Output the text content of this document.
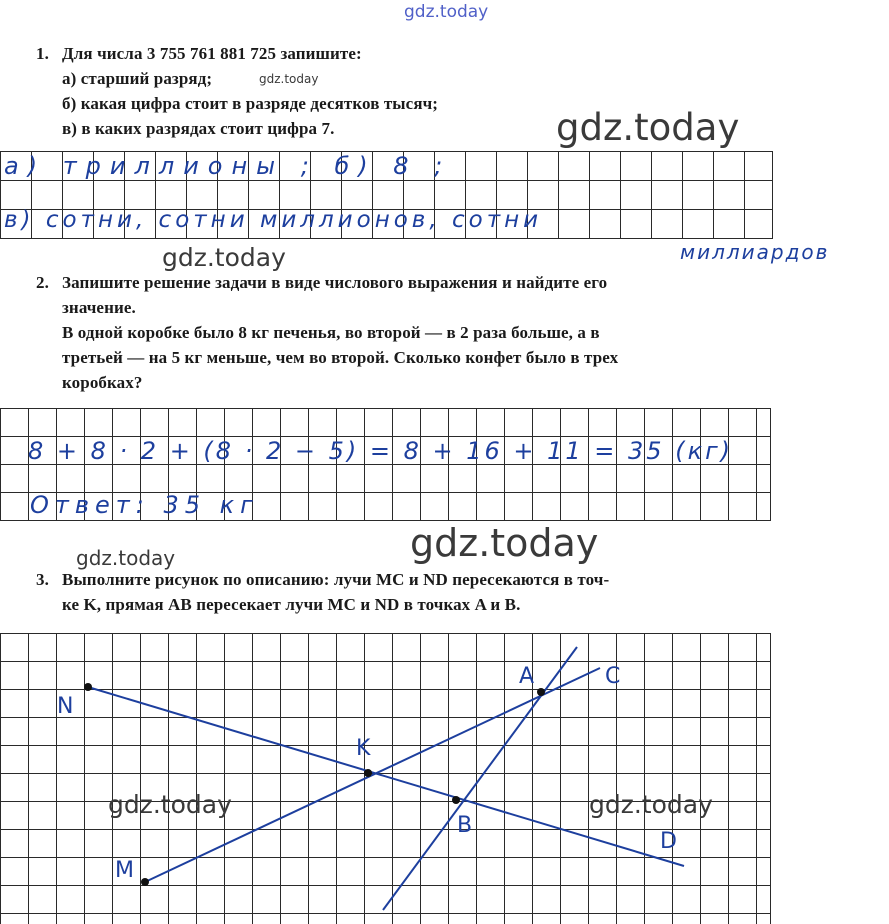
gdz.today
1. Для числа 3 755 761 881 725 запишите:
а) старший разряд;	gdz.today
б) какая цифра стоит в разряде десятков тысяч;
в) в каких разрядах стоит цифра 7.	gdz.today
а) триллионы ; б) 8 ;
в) сотни, сотни миллионов, сотни
миллиардов
gdz.today
2. Запишите решение задачи в виде числового выражения и найдите его
значение.
В одной коробке было 8 кг печенья, во второй — в 2 раза больше, а в
третьей — на 5 кг меньше, чем во второй. Сколько конфет было в трех
коробках?
8 + 8 · 2 + (8 · 2 − 5) = 8 + 16 + 11 = 35 (кг)
Ответ: 35 кг
gdz.today
gdz.today
3. Выполните рисунок по описанию: лучи MC и ND пересекаются в точ-
ке K, прямая AB пересекает лучи MC и ND в точках A и B.
N
K
A	C
B
D
M
gdz.today	gdz.today
